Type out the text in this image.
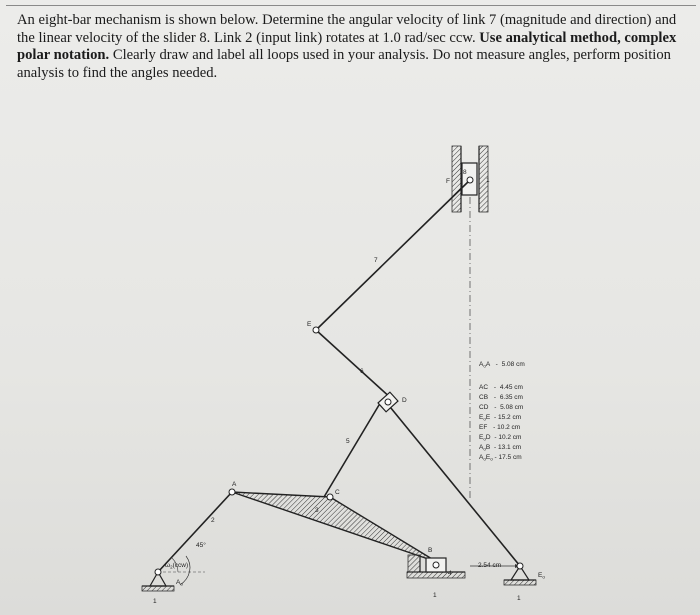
An eight-bar mechanism is shown below. Determine the angular velocity of link 7 (magnitude and direction) and the linear velocity of the slider 8. Link 2 (input link) rotates at 1.0 rad/sec ccw. Use analytical method, complex polar notation. Clearly draw and label all loops used in your analysis. Do not measure angles, perform position analysis to find the angles needed.
F
8
1
7
E
6
D
5
A
C
3
2
45°
B
4
$\omega_2(ccw)$
$A_o$
2.54 cm
$E_o$
1
1	1
$A_oA - 5.08$ cm
AC - 4.45 cm
CB - 6.35 cm
CD - 5.08 cm
$E_oE - 15.2$ cm
EF - 10.2 cm
$E_oD - 10.2$ cm
$A_oB - 13.1$ cm
$A_oE_o - 17.5$ cm
